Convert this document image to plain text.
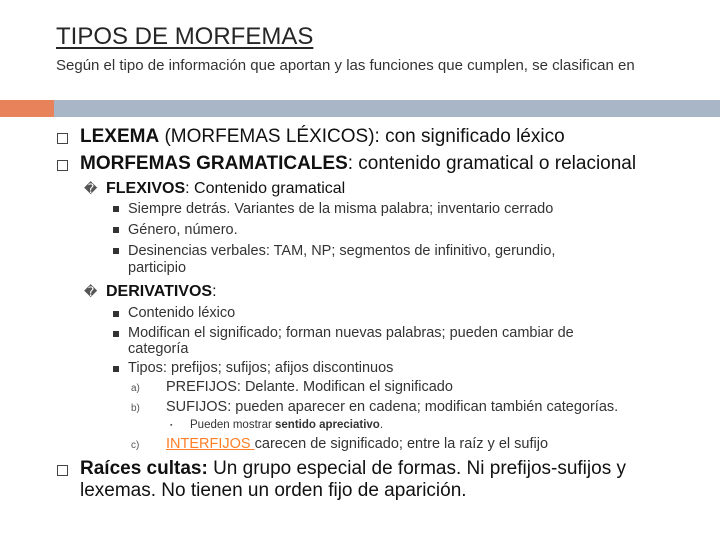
TIPOS DE MORFEMAS
Según el tipo de información que aportan y las funciones que cumplen, se clasifican en
LEXEMA (MORFEMAS LÉXICOS): con significado léxico
MORFEMAS GRAMATICALES: contenido gramatical o relacional
� FLEXIVOS: Contenido gramatical
Siempre detrás. Variantes de la misma palabra; inventario cerrado
Género, número.
Desinencias verbales: TAM, NP; segmentos de infinitivo, gerundio,
participio
� DERIVATIVOS:
Contenido léxico
Modifican el significado; forman nuevas palabras; pueden cambiar de
categoría
Tipos: prefijos; sufijos; afijos discontinuos
a) PREFIJOS: Delante. Modifican el significado
b) SUFIJOS: pueden aparecer en cadena; modifican también categorías.
▪ Pueden mostrar sentido apreciativo.
c) INTERFIJOS carecen de significado; entre la raíz y el sufijo
Raíces cultas: Un grupo especial de formas. Ni prefijos-sufijos y
lexemas. No tienen un orden fijo de aparición.
